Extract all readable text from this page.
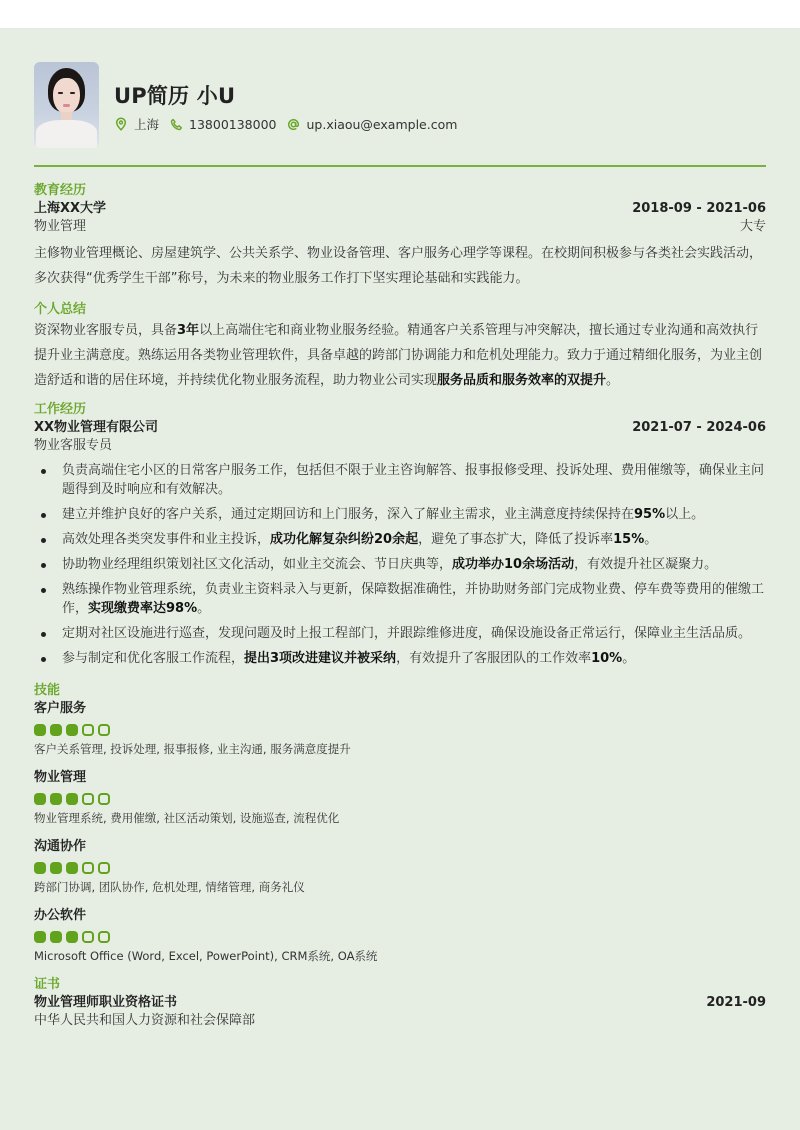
UP简历 小U
上海 13800138000 up.xiaou@example.com
教育经历
上海XX大学	2018-09 - 2021-06
物业管理	大专
主修物业管理概论、房屋建筑学、公共关系学、物业设备管理、客户服务心理学等课程。在校期间积极参与各类社会实践活动，多次获得“优秀学生干部”称号，为未来的物业服务工作打下坚实理论基础和实践能力。
个人总结
资深物业客服专员，具备3年以上高端住宅和商业物业服务经验。精通客户关系管理与冲突解决，擅长通过专业沟通和高效执行提升业主满意度。熟练运用各类物业管理软件，具备卓越的跨部门协调能力和危机处理能力。致力于通过精细化服务，为业主创造舒适和谐的居住环境，并持续优化物业服务流程，助力物业公司实现服务品质和服务效率的双提升。
工作经历
XX物业管理有限公司	2021-07 - 2024-06
物业客服专员
负责高端住宅小区的日常客户服务工作，包括但不限于业主咨询解答、报事报修受理、投诉处理、费用催缴等，确保业主问题得到及时响应和有效解决。
建立并维护良好的客户关系，通过定期回访和上门服务，深入了解业主需求，业主满意度持续保持在95%以上。
高效处理各类突发事件和业主投诉，成功化解复杂纠纷20余起，避免了事态扩大，降低了投诉率15%。
协助物业经理组织策划社区文化活动，如业主交流会、节日庆典等，成功举办10余场活动，有效提升社区凝聚力。
熟练操作物业管理系统，负责业主资料录入与更新，保障数据准确性，并协助财务部门完成物业费、停车费等费用的催缴工作，实现缴费率达98%。
定期对社区设施进行巡查，发现问题及时上报工程部门，并跟踪维修进度，确保设施设备正常运行，保障业主生活品质。
参与制定和优化客服工作流程，提出3项改进建议并被采纳，有效提升了客服团队的工作效率10%。
技能
客户服务
客户关系管理, 投诉处理, 报事报修, 业主沟通, 服务满意度提升
物业管理
物业管理系统, 费用催缴, 社区活动策划, 设施巡查, 流程优化
沟通协作
跨部门协调, 团队协作, 危机处理, 情绪管理, 商务礼仪
办公软件
Microsoft Office (Word, Excel, PowerPoint), CRM系统, OA系统
证书
物业管理师职业资格证书	2021-09
中华人民共和国人力资源和社会保障部
